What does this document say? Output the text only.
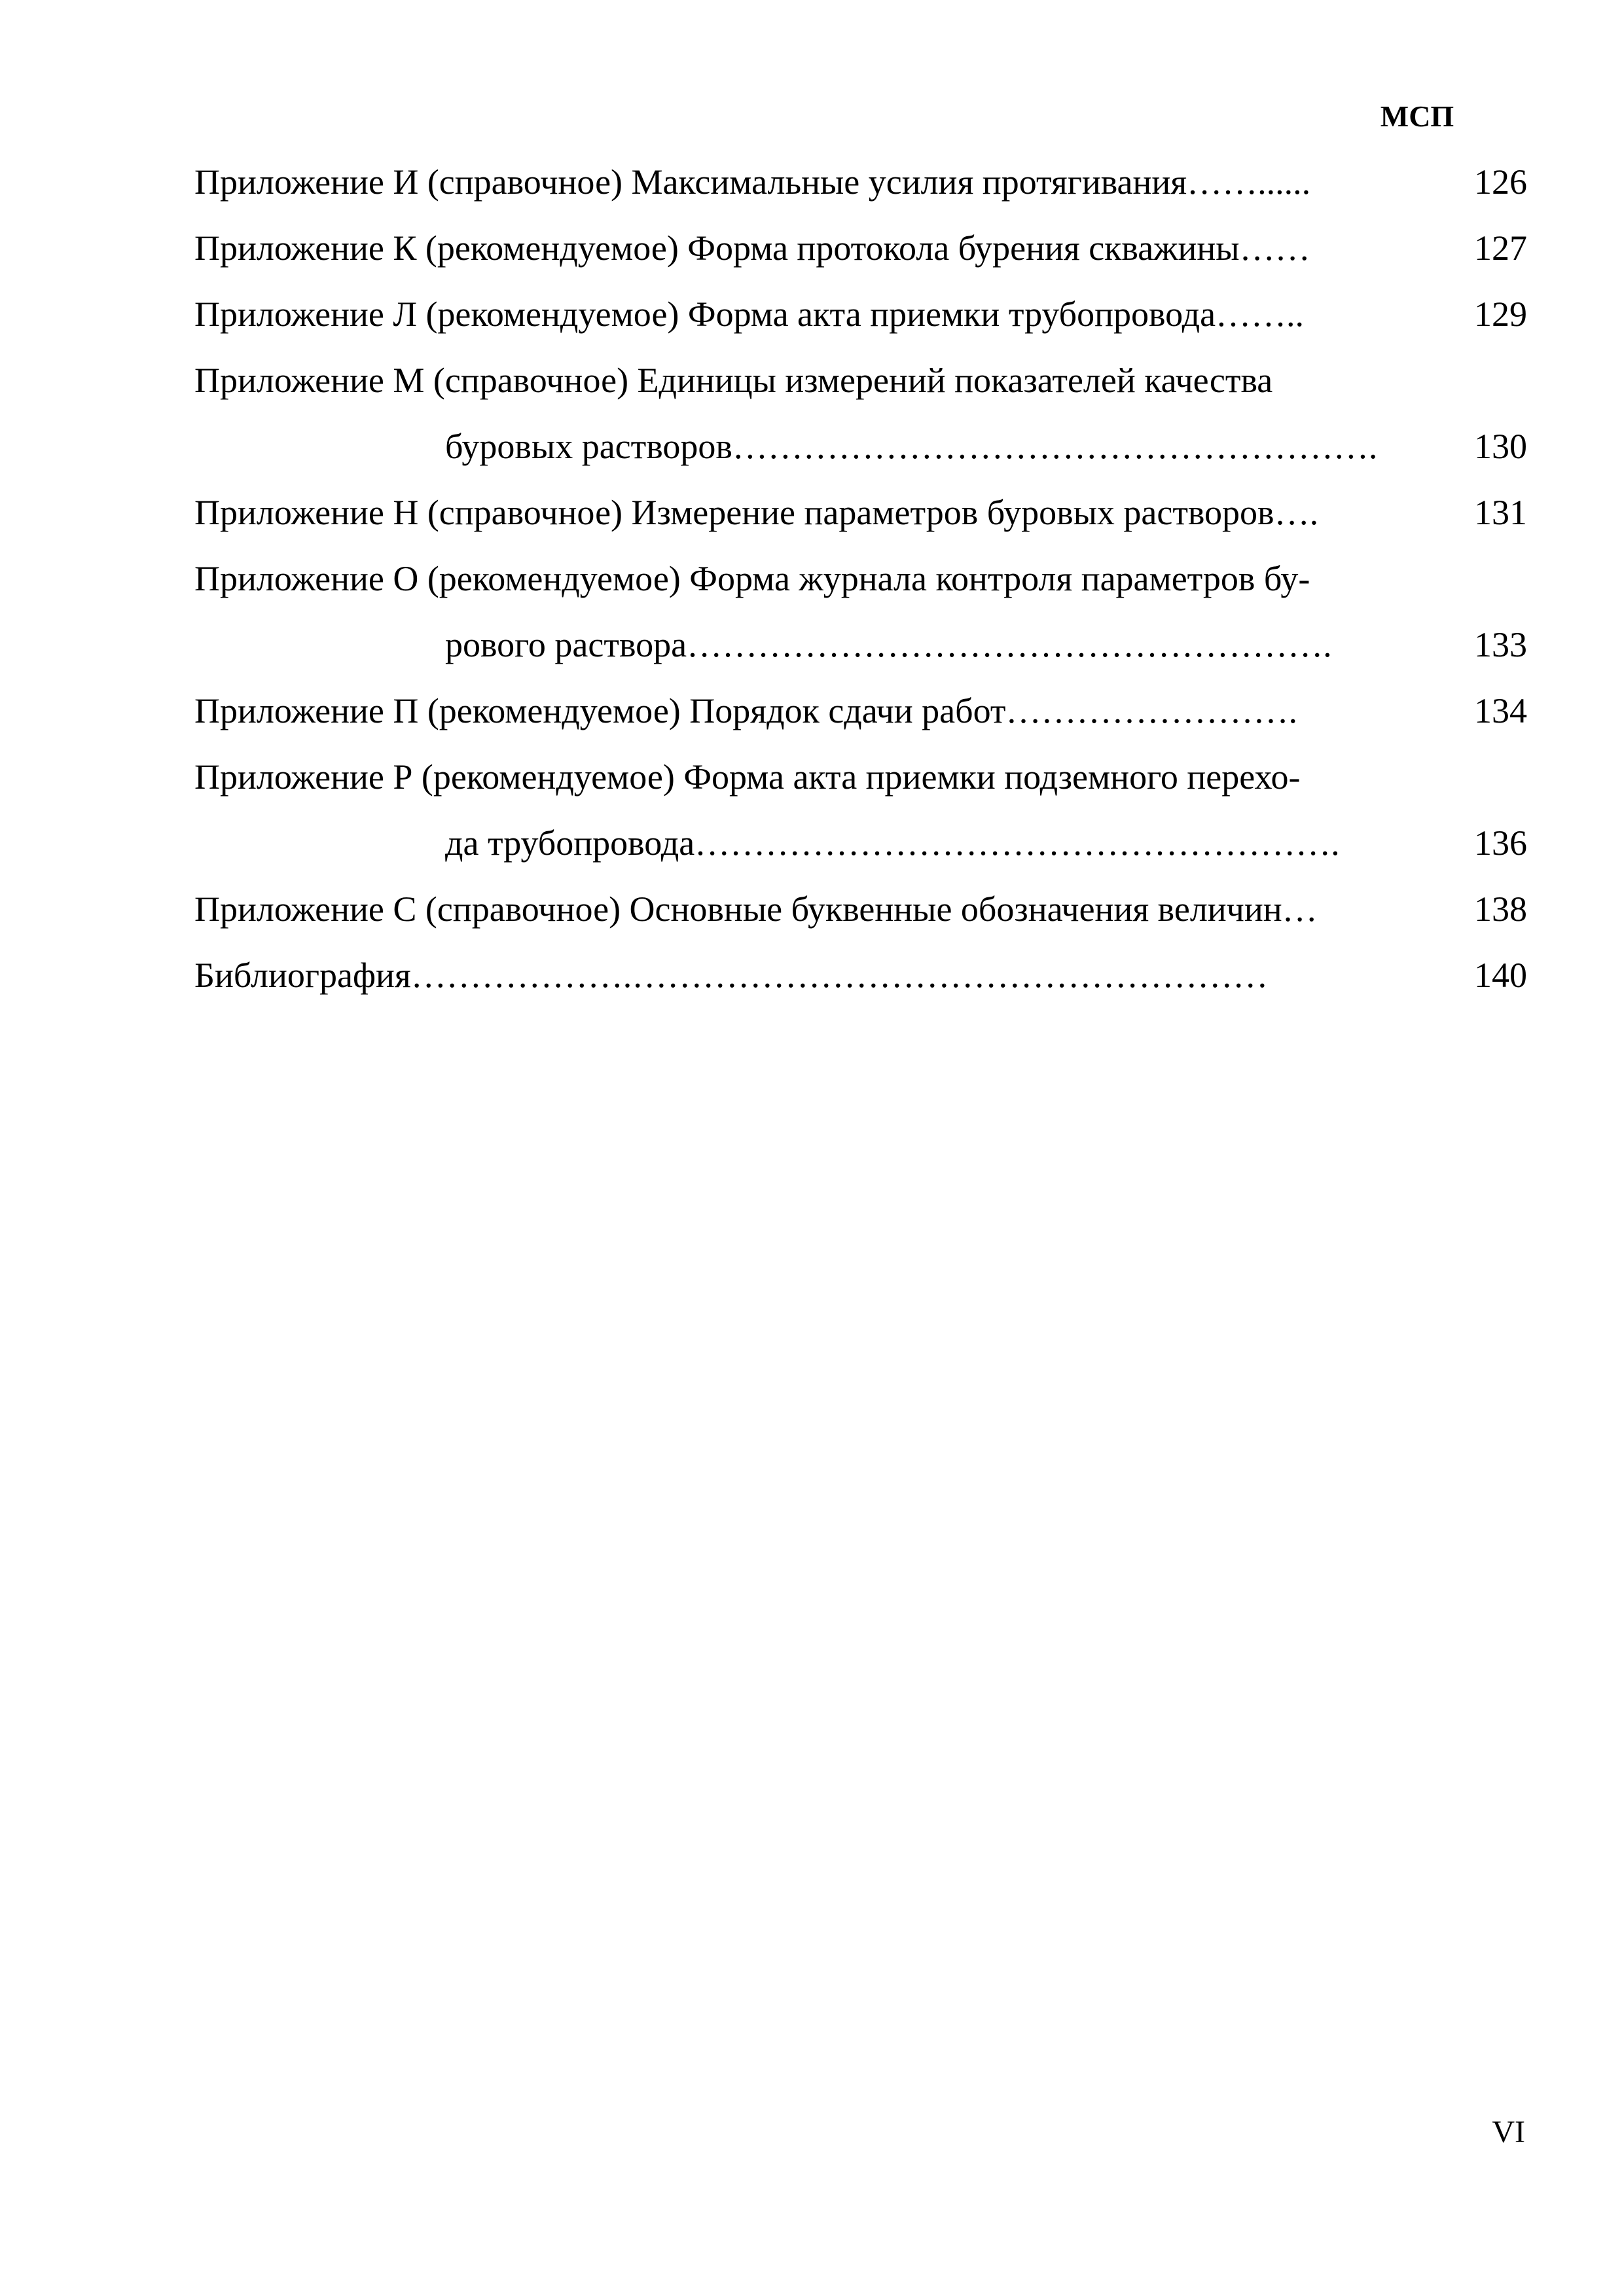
МСП
Приложение И (справочное) Максимальные усилия протягивания……......	126
Приложение К (рекомендуемое) Форма протокола бурения скважины……	127
Приложение Л (рекомендуемое) Форма акта приемки трубопровода……..	129
Приложение М (справочное) Единицы измерений показателей качества
буровых растворов……………………………………………….	130
Приложение Н (справочное) Измерение параметров буровых растворов….	131
Приложение О (рекомендуемое) Форма журнала контроля параметров бу-
рового раствора……………………………………………….	133
Приложение П (рекомендуемое) Порядок сдачи работ…………………….	134
Приложение Р (рекомендуемое) Форма акта приемки подземного перехо-
да трубопровода……………………………………………….	136
Приложение С (справочное) Основные буквенные обозначения величин…	138
Библиография……………….………………………………………………	140
VI
